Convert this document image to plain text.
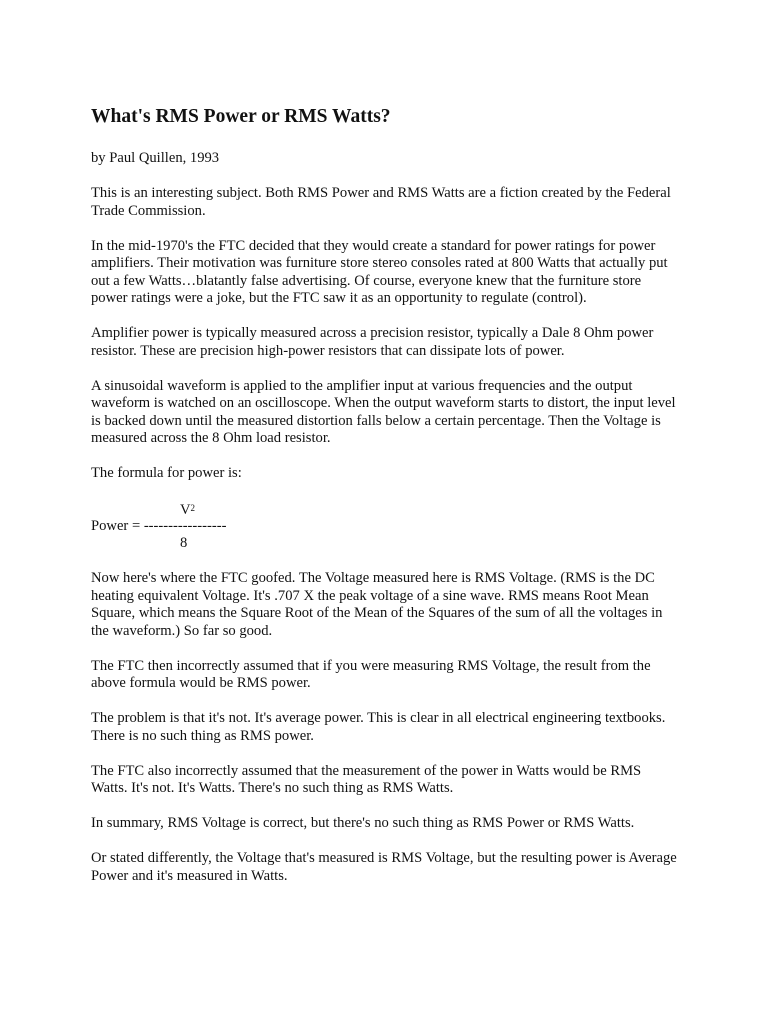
What's RMS Power or RMS Watts?

by Paul Quillen, 1993

This is an interesting subject. Both RMS Power and RMS Watts are a fiction created by the Federal Trade Commission.

In the mid-1970's the FTC decided that they would create a standard for power ratings for power amplifiers. Their motivation was furniture store stereo consoles rated at 800 Watts that actually put out a few Watts…blatantly false advertising. Of course, everyone knew that the furniture store power ratings were a joke, but the FTC saw it as an opportunity to regulate (control).

Amplifier power is typically measured across a precision resistor, typically a Dale 8 Ohm power resistor. These are precision high-power resistors that can dissipate lots of power.

A sinusoidal waveform is applied to the amplifier input at various frequencies and the output waveform is watched on an oscilloscope. When the output waveform starts to distort, the input level is backed down until the measured distortion falls below a certain percentage. Then the Voltage is measured across the 8 Ohm load resistor.

The formula for power is:

$V^2$
Power = -----------------
8

Now here's where the FTC goofed. The Voltage measured here is RMS Voltage. (RMS is the DC heating equivalent Voltage. It's .707 X the peak voltage of a sine wave. RMS means Root Mean Square, which means the Square Root of the Mean of the Squares of the sum of all the voltages in the waveform.) So far so good.

The FTC then incorrectly assumed that if you were measuring RMS Voltage, the result from the above formula would be RMS power.

The problem is that it's not. It's average power. This is clear in all electrical engineering textbooks. There is no such thing as RMS power.

The FTC also incorrectly assumed that the measurement of the power in Watts would be RMS Watts. It's not. It's Watts. There's no such thing as RMS Watts.

In summary, RMS Voltage is correct, but there's no such thing as RMS Power or RMS Watts.

Or stated differently, the Voltage that's measured is RMS Voltage, but the resulting power is Average Power and it's measured in Watts.
